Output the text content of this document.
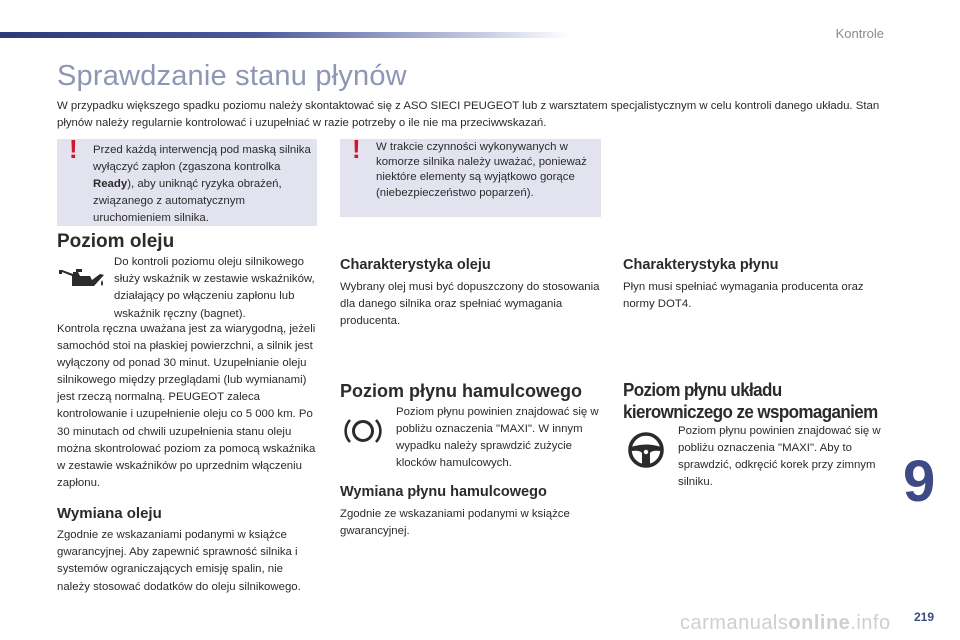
Kontrole
Sprawdzanie stanu płynów
W przypadku większego spadku poziomu należy skontaktować się z ASO SIECI PEUGEOT lub z warsztatem specjalistycznym w celu kontroli danego układu. Stan płynów należy regularnie kontrolować i uzupełniać w razie potrzeby o ile nie ma przeciwwskazań.
! Przed każdą interwencją pod maską silnika wyłączyć zapłon (zgaszona kontrolka Ready), aby uniknąć ryzyka obrażeń, związanego z automatycznym uruchomieniem silnika.
! W trakcie czynności wykonywanych w komorze silnika należy uważać, ponieważ niektóre elementy są wyjątkowo gorące (niebezpieczeństwo poparzeń).
Poziom oleju
Do kontroli poziomu oleju silnikowego służy wskaźnik w zestawie wskaźników, działający po włączeniu zapłonu lub wskaźnik ręczny (bagnet).
Kontrola ręczna uważana jest za wiarygodną, jeżeli samochód stoi na płaskiej powierzchni, a silnik jest wyłączony od ponad 30 minut. Uzupełnianie oleju silnikowego między przeglądami (lub wymianami) jest rzeczą normalną. PEUGEOT zaleca kontrolowanie i uzupełnienie oleju co 5 000 km. Po 30 minutach od chwili uzupełnienia stanu oleju można skontrolować poziom za pomocą wskaźnika w zestawie wskaźników po uprzednim włączeniu zapłonu.
Wymiana oleju
Zgodnie ze wskazaniami podanymi w książce gwarancyjnej. Aby zapewnić sprawność silnika i systemów ograniczających emisję spalin, nie należy stosować dodatków do oleju silnikowego.
Charakterystyka oleju
Wybrany olej musi być dopuszczony do stosowania dla danego silnika oraz spełniać wymagania producenta.
Poziom płynu hamulcowego
Poziom płynu powinien znajdować się w pobliżu oznaczenia "MAXI". W innym wypadku należy sprawdzić zużycie klocków hamulcowych.
Wymiana płynu hamulcowego
Zgodnie ze wskazaniami podanymi w książce gwarancyjnej.
Charakterystyka płynu
Płyn musi spełniać wymagania producenta oraz normy DOT4.
Poziom płynu układu
kierowniczego ze wspomaganiem
Poziom płynu powinien znajdować się w pobliżu oznaczenia "MAXI". Aby to sprawdzić, odkręcić korek przy zimnym silniku.	9
219
carmanualsonline.info
